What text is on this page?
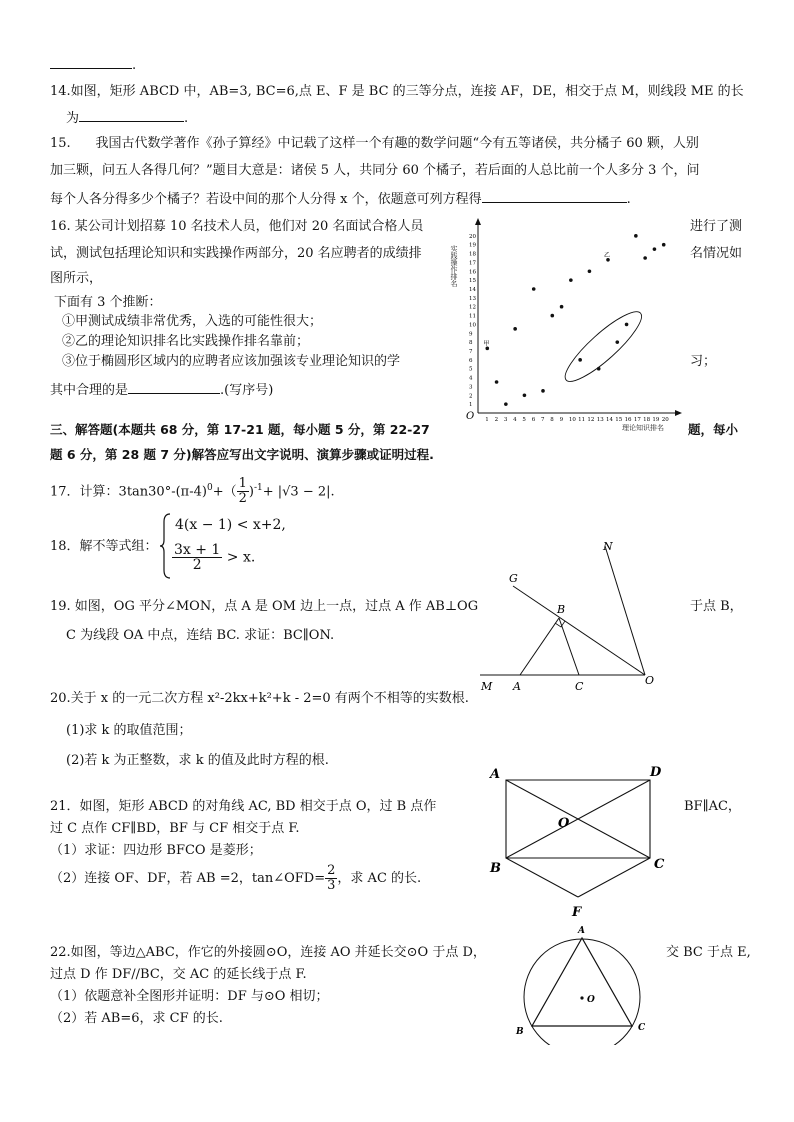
.
14.如图，矩形 ABCD 中，AB=3, BC=6,点 E、F 是 BC 的三等分点，连接 AF，DE，相交于点 M，则线段 ME 的长
为	.
15.      我国古代数学著作《孙子算经》中记载了这样一个有趣的数学问题“今有五等诸侯，共分橘子 60 颗，人别
加三颗，问五人各得几何？”题目大意是：诸侯 5 人，共同分 60 个橘子，若后面的人总比前一个人多分 3 个，问
每个人各分得多少个橘子？若设中间的那个人分得 x 个，依题意可列方程得	.
16. 某公司计划招募 10 名技术人员，他们对 20 名面试合格人员	进行了测
试，测试包括理论知识和实践操作两部分，20 名应聘者的成绩排	名情况如
图所示，
下面有 3 个推断：
①甲测试成绩非常优秀，入选的可能性很大；
②乙的理论知识排名比实践操作排名靠前；
③位于椭圆形区域内的应聘者应该加强该专业理论知识的学	习；
其中合理的是	.(写序号)
O
实践操作排名
理论知识排名
1 2 3 4 5 6 7 8 9 10 11 12 13 14 15 16 17 18 19 20
1
2
3
4
5
6
7
8
9
10
11
12
13
14
15
16
17
18
19
20
甲
乙
三、解答题(本题共 68 分，第 17-21 题，每小题 5 分，第 22-27	题，每小
题 6 分，第 28 题 7 分)解答应写出文字说明、演算步骤或证明过程.
17．计算：$3\tan 30^\circ-(\pi-4)^0+( \frac{1}{2} )^{-1}+ |√3 - 2|$.
18．解不等式组：
4(x − 1) < x+2,
$\frac{3x + 1}{2} > x$.
19. 如图，OG 平分∠MON，点 A 是 OM 边上一点，过点 A 作 AB⊥OG	于点 B，
C 为线段 OA 中点，连结 BC. 求证：BC∥ON.
G
N
B
M A	C	O
20.关于 x 的一元二次方程 x²-2kx+k²+k - 2=0 有两个不相等的实数根.
(1)求 k 的取值范围；
(2)若 k 为正整数，求 k 的值及此时方程的根.
21．如图，矩形 ABCD 的对角线 AC, BD 相交于点 O，过 B 点作	BF∥AC，
过 C 点作 CF∥BD，BF 与 CF 相交于点 F.
（1）求证：四边形 BFCO 是菱形；
（2）连接 OF、DF，若 AB =2，tan∠OFD= $\frac{2}{3}$ ，求 AC 的长.
A	D
O
B	C
F
22.如图，等边△ABC，作它的外接圆⊙O，连接 AO 并延长交⊙O 于点 D，	交 BC 于点 E,
过点 D 作 DF//BC，交 AC 的延长线于点 F.
（1）依题意补全图形并证明：DF 与⊙O 相切；
（2）若 AB=6，求 CF 的长.
A
B	C
O
